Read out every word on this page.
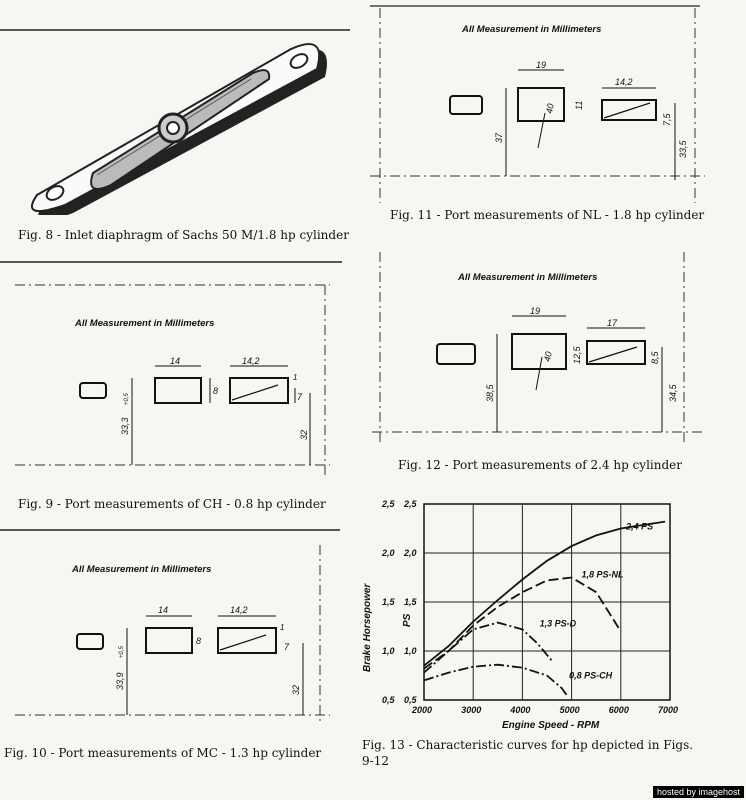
Fig. 8 - Inlet diaphragm of Sachs 50 M/1.8 hp cylinder
All Measurement in Millimeters
14	14,2
8
7
1
33,3
+0,5
32
Fig. 9 - Port measurements of CH - 0.8 hp cylinder
All Measurement in Millimeters
14	14,2
8
7
1
33,9
+0,5
32
Fig. 10 - Port measurements of MC - 1.3 hp cylinder
All Measurement in Millimeters
19
14,2
11
7,5
40
37
33,5
Fig. 11 - Port measurements of NL - 1.8 hp cylinder
All Measurement in Millimeters
19
17
12,5	8,5
40
38,5	34,5
Fig. 12 - Port measurements of 2.4 hp cylinder
2,4 PS
1,8 PS-NL
1,3 PS-D
0,8 PS-CH
2000	3000	4000	5000	6000	7000
0,5
0,5
1,0
1,0
1,5
1,5
2,0
2,0
2,5
2,5
Brake Horsepower	PS
Engine Speed - RPM
Fig. 13 - Characteristic curves for hp depicted in Figs.
9-12
hosted by imagehost
